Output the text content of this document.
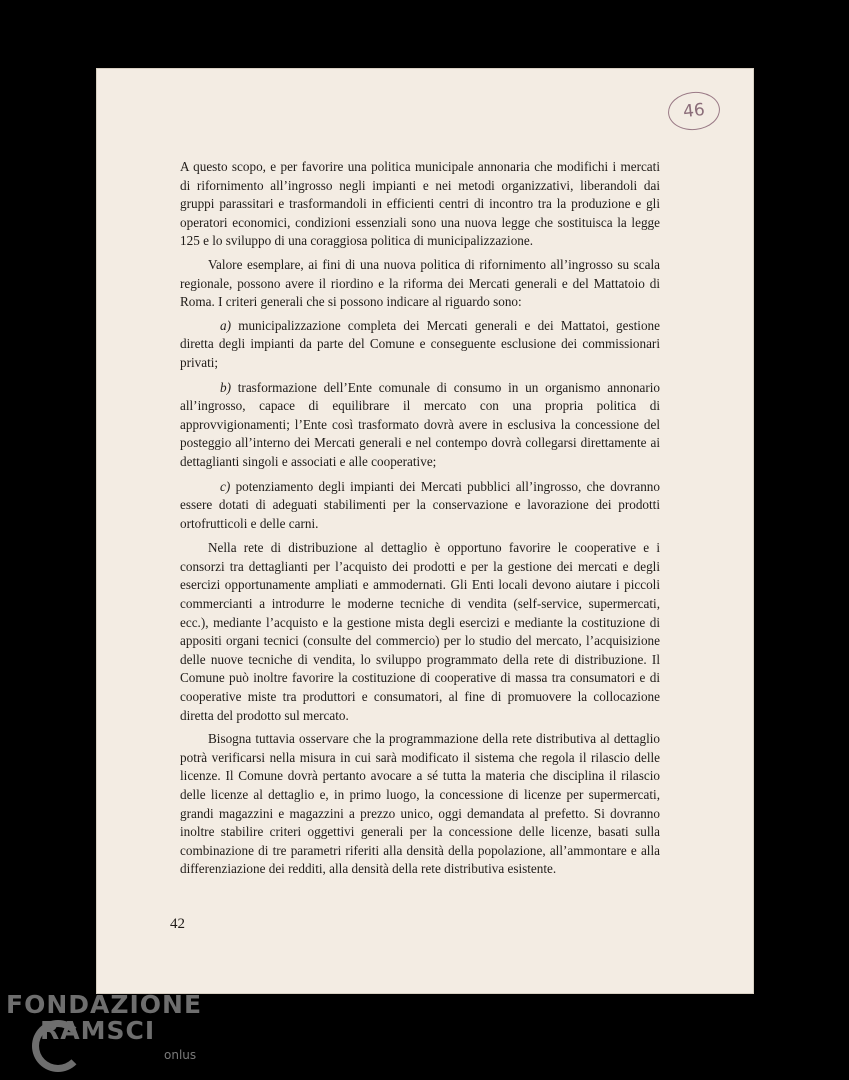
46

A questo scopo, e per favorire una politica municipale annonaria che modifichi i mercati di rifornimento all’ingrosso negli impianti e nei metodi organizzativi, liberandoli dai gruppi parassitari e trasformandoli in efficienti centri di incontro tra la produzione e gli operatori economici, condizioni essenziali sono una nuova legge che sostituisca la legge 125 e lo sviluppo di una coraggiosa politica di municipalizzazione.

Valore esemplare, ai fini di una nuova politica di rifornimento all’ingrosso su scala regionale, possono avere il riordino e la riforma dei Mercati generali e del Mattatoio di Roma. I criteri generali che si possono indicare al riguardo sono:

a) municipalizzazione completa dei Mercati generali e dei Mattatoi, gestione diretta degli impianti da parte del Comune e conseguente esclusione dei commissionari privati;

b) trasformazione dell’Ente comunale di consumo in un organismo annonario all’ingrosso, capace di equilibrare il mercato con una propria politica di approvvigionamenti; l’Ente così trasformato dovrà avere in esclusiva la concessione del posteggio all’interno dei Mercati generali e nel contempo dovrà collegarsi direttamente ai dettaglianti singoli e associati e alle cooperative;

c) potenziamento degli impianti dei Mercati pubblici all’ingrosso, che dovranno essere dotati di adeguati stabilimenti per la conservazione e lavorazione dei prodotti ortofrutticoli e delle carni.

Nella rete di distribuzione al dettaglio è opportuno favorire le cooperative e i consorzi tra dettaglianti per l’acquisto dei prodotti e per la gestione dei mercati e degli esercizi opportunamente ampliati e ammodernati. Gli Enti locali devono aiutare i piccoli commercianti a introdurre le moderne tecniche di vendita (self-service, supermercati, ecc.), mediante l’acquisto e la gestione mista degli esercizi e mediante la costituzione di appositi organi tecnici (consulte del commercio) per lo studio del mercato, l’acquisizione delle nuove tecniche di vendita, lo sviluppo programmato della rete di distribuzione. Il Comune può inoltre favorire la costituzione di cooperative di massa tra consumatori e di cooperative miste tra produttori e consumatori, al fine di promuovere la collocazione diretta del prodotto sul mercato.

Bisogna tuttavia osservare che la programmazione della rete distributiva al dettaglio potrà verificarsi nella misura in cui sarà modificato il sistema che regola il rilascio delle licenze. Il Comune dovrà pertanto avocare a sé tutta la materia che disciplina il rilascio delle licenze al dettaglio e, in primo luogo, la concessione di licenze per supermercati, grandi magazzini e magazzini a prezzo unico, oggi demandata al prefetto. Si dovranno inoltre stabilire criteri oggettivi generali per la concessione delle licenze, basati sulla combinazione di tre parametri riferiti alla densità della popolazione, all’ammontare e alla differenziazione dei redditi, alla densità della rete distributiva esistente.

42
FONDAZIONE
RAMSCI
onlus
